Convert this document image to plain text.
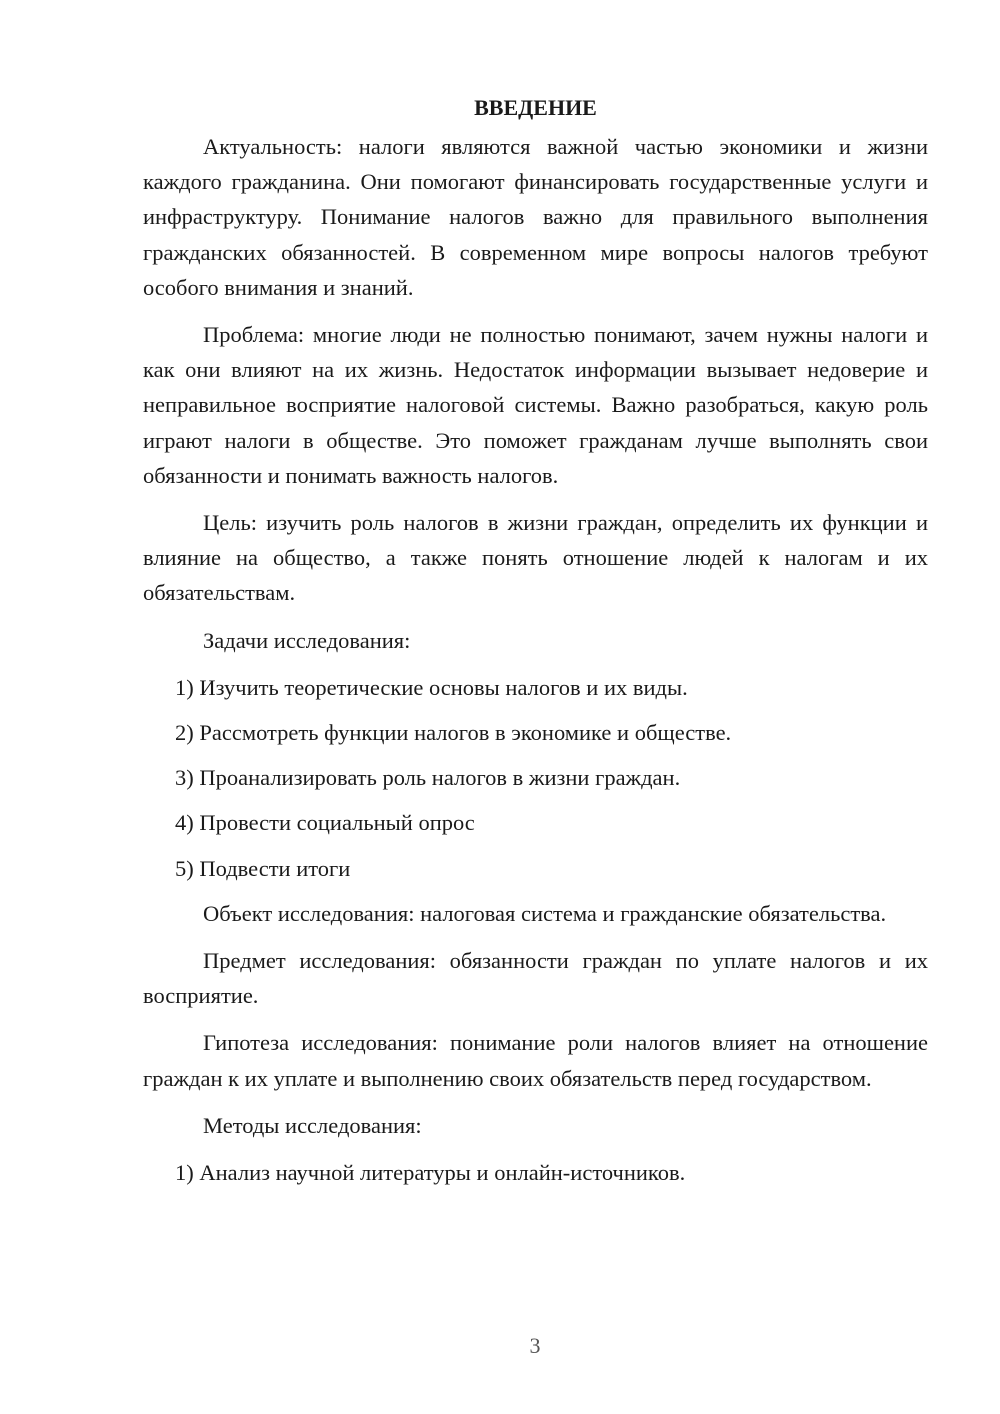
ВВЕДЕНИЕ

Актуальность: налоги являются важной частью экономики и жизни каждого гражданина. Они помогают финансировать государственные услуги и инфраструктуру. Понимание налогов важно для правильного выполнения гражданских обязанностей. В современном мире вопросы налогов требуют особого внимания и знаний.

Проблема: многие люди не полностью понимают, зачем нужны налоги и как они влияют на их жизнь. Недостаток информации вызывает недоверие и неправильное восприятие налоговой системы. Важно разобраться, какую роль играют налоги в обществе. Это поможет гражданам лучше выполнять свои обязанности и понимать важность налогов.

Цель: изучить роль налогов в жизни граждан, определить их функции и влияние на общество, а также понять отношение людей к налогам и их обязательствам.

Задачи исследования:
1) Изучить теоретические основы налогов и их виды.
2) Рассмотреть функции налогов в экономике и обществе.
3) Проанализировать роль налогов в жизни граждан.
4) Провести социальный опрос
5) Подвести итоги

Объект исследования: налоговая система и гражданские обязательства.

Предмет исследования: обязанности граждан по уплате налогов и их восприятие.

Гипотеза исследования: понимание роли налогов влияет на отношение граждан к их уплате и выполнению своих обязательств перед государством.

Методы исследования:
1) Анализ научной литературы и онлайн-источников.
3
